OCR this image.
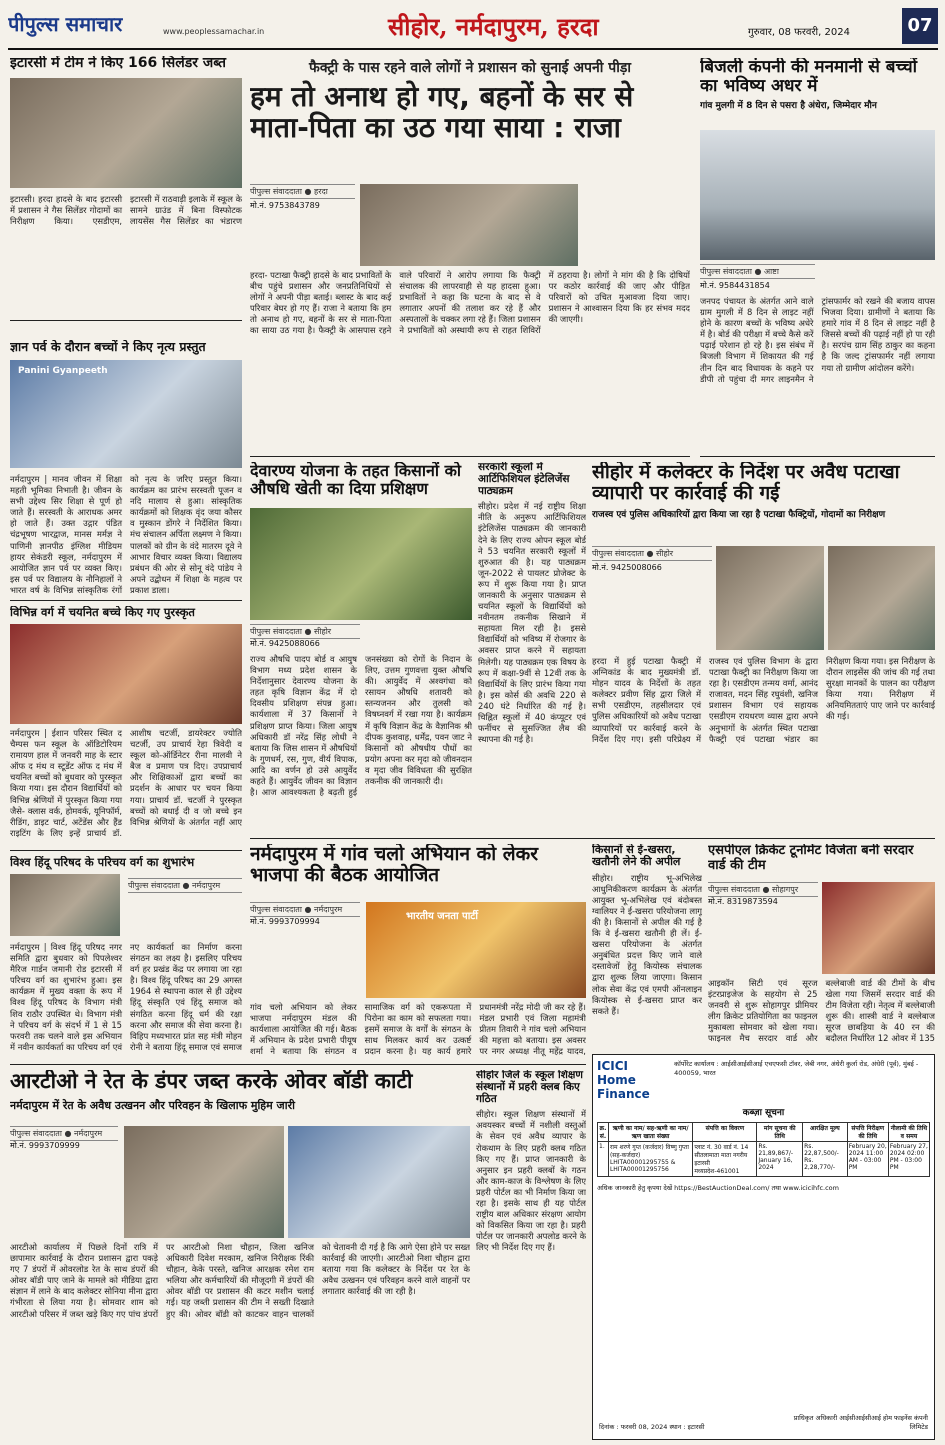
पीपुल्स समाचार	www.peoplessamachar.in	सीहोर, नर्मदापुरम, हरदा	गुरुवार, 08 फरवरी, 2024	07
इटारसी में टीम ने किए 166 सिलेंडर जब्त
इटारसी। हरदा हादसे के बाद इटारसी में प्रशासन ने गैस सिलेंडर गोदामों का निरीक्षण किया। एसडीएम, इटारसी में राठवाड़ी इलाके में स्कूल के सामने ग्राउंड में बिना विस्फोटक लायसेंस गैस सिलेंडर का भंडारण
ज्ञान पर्व के दौरान बच्चों ने किए नृत्य प्रस्तुत
Panini Gyanpeeth
नर्मदापुरम | मानव जीवन में शिक्षा महती भूमिका निभाती है। जीवन के सभी उद्देश्य सिर शिक्षा से पूर्ण हो जाते हैं। सरस्वती के आराधक अमर हो जाते हैं। उक्त उद्गार पंडित चंद्रभूषण भारद्वाज, मानस मर्मज्ञ ने पाणिनी ज्ञानपीठ इंग्लिश मीडियम हायर सेकंडरी स्कूल, नर्मदापुरम में आयोजित ज्ञान पर्व पर व्यक्त किए। इस पर्व पर विद्यालय के नौनिहालों ने भारत वर्ष के विभिन्न सांस्कृतिक रंगों को नृत्य के जरिए प्रस्तुत किया। कार्यक्रम का प्रारंभ सरस्वती पूजन व नदि मालाय से हुआ। सांस्कृतिक कार्यक्रमों को शिक्षक वृंद जया कौसर व मुस्कान डोंगरे ने निर्देशित किया। मंच संचालन अर्पिता लक्ष्मण ने किया। पालकों को ग्रीन के वंदे मातरम दूवे ने आभार विचार व्यक्त किया। विद्यालय प्रबंधन की ओर से सोनू वंदे पांडेय ने अपने उद्बोधन में शिक्षा के महत्व पर प्रकाश डाला।
विभिन्न वर्ग में चयनित बच्चे किए गए पुरस्कृत
नर्मदापुरम | ईशान परिसर स्थित द चैम्पस फन स्कूल के ऑडिटोरियम रामायण हाल में जनवरी माह के स्टार ऑफ द मंथ व स्टूडेंट ऑफ द मंथ में चयनित बच्चों को बुधवार को पुरस्कृत किया गया। इस दौरान विद्यार्थियों को विभिन्न श्रेणियों में पुरस्कृत किया गया जैसे- क्लास वर्क, होमवर्क, यूनिफॉर्म, रीडिंग, डाइट चार्ट, अटेंडेंस और हैंड राइटिंग के लिए इन्हें प्राचार्य डॉ. आशीष चटर्जी, डायरेक्टर ज्योति चटर्जी, उप प्राचार्य रेहा त्रिवेदी व स्कूल को-ऑर्डिनेटर रीना मालवी ने बैज व प्रमाण पत्र दिए। उपप्राचार्य और शिक्षिकाओं द्वारा बच्चों का प्रदर्शन के आधार पर चयन किया गया। प्राचार्य डॉ. चटर्जी ने पुरस्कृत बच्चों को बधाई दी व जो बच्चे इन विभिन्न श्रेणियों के अंतर्गत नहीं आए
विश्व हिंदू परिषद के परिचय वर्ग का शुभारंभ
पीपुल्स संवाददाता ● नर्मदापुरम
नर्मदापुरम | विश्व हिंदू परिषद नगर समिति द्वारा बुधवार को पिपलेश्वर मैरिज गार्डन जमानी रोड इटारसी में परिचय वर्ग का शुभारंभ हुआ। इस कार्यक्रम में मुख्य वक्ता के रूप में विश्व हिंदू परिषद के विभाग मंत्री शिव राठौर उपस्थित थे। विभाग मंत्री ने परिचय वर्ग के संदर्भ में 1 से 15 फरवरी तक चलने वाले इस अभियान में नवीन कार्यकर्ता का परिचय वर्ग एवं नए कार्यकर्ता का निर्माण करना संगठन का लक्ष्य है। इसलिए परिचय वर्ग हर प्रखंड केंद्र पर लगाया जा रहा है। विश्व हिंदू परिषद का 29 अगस्त 1964 से स्थापना काल से ही उद्देश्य हिंदू संस्कृति एवं हिंदू समाज को संगठित करना हिंदू धर्म की रक्षा करना और समाज की सेवा करना है। विहिप मध्यभारत प्रांत सह मंत्री मोहन रोनी ने बताया हिंदू समाज एवं समाज
फैक्ट्री के पास रहने वाले लोगों ने प्रशासन को सुनाई अपनी पीड़ा
हम तो अनाथ हो गए, बहनों के सर से माता-पिता का उठ गया साया : राजा
पीपुल्स संवाददाता ● हरदा
मो.नं. 9753843789
हरदा- पटाखा फैक्ट्री हादसे के बाद प्रभावितों के बीच पहुंचे प्रशासन और जनप्रतिनिधियों से लोगों ने अपनी पीड़ा बताई। ब्लास्ट के बाद कई परिवार बेघर हो गए हैं। राजा ने बताया कि हम तो अनाथ हो गए, बहनों के सर से माता-पिता का साया उठ गया है। फैक्ट्री के आसपास रहने वाले परिवारों ने आरोप लगाया कि फैक्ट्री संचालक की लापरवाही से यह हादसा हुआ। प्रभावितों ने कहा कि घटना के बाद से वे लगातार अपनों की तलाश कर रहे हैं और अस्पतालों के चक्कर लगा रहे हैं। जिला प्रशासन ने प्रभावितों को अस्थायी रूप से राहत शिविरों में ठहराया है। लोगों ने मांग की है कि दोषियों पर कठोर कार्रवाई की जाए और पीड़ित परिवारों को उचित मुआवजा दिया जाए। प्रशासन ने आश्वासन दिया कि हर संभव मदद की जाएगी।
बिजली कंपनी की मनमानी से बच्चों का भविष्य अधर में
गांव मुलगी में 8 दिन से पसरा है अंधेरा, जिम्मेदार मौन
पीपुल्स संवाददाता ● आष्टा
मो.नं. 9584431854
जनपद पंचायत के अंतर्गत आने वाले ग्राम मुगली में 8 दिन से लाइट नहीं होने के कारण बच्चों के भविष्य अधेरे में है। बोर्ड की परीक्षा में बच्चे कैसे करें पढ़ाई परेशान हो रहे है। इस संबंध में बिजली विभाग में शिकायत की गई तीन दिन बाद विधायक के कहने पर डीपी तो पहुंचा दी मगर लाइनमैन ने ट्रांसफार्मर को रखने की बजाय वापस भिजवा दिया। ग्रामीणों ने बताया कि हमारे गांव में 8 दिन से लाइट नहीं है जिससे बच्चों की पढ़ाई नहीं हो पा रही है। सरपंच ग्राम सिंह ठाकुर का कहना है कि जल्द ट्रांसफार्मर नहीं लगाया गया तो ग्रामीण आंदोलन करेंगे।
देवारण्य योजना के तहत किसानों को औषधि खेती का दिया प्रशिक्षण
पीपुल्स संवाददाता ● सीहोर
मो.नं. 9425088066
राज्य औषधि पादप बोर्ड व आयुष विभाग मध्य प्रदेश शासन के निर्देशानुसार देवारण्य योजना के तहत कृषि विज्ञान केंद्र में दो दिवसीय प्रशिक्षण संपन्न हुआ। कार्यशाला में 37 किसानों ने प्रशिक्षण प्राप्त किया। जिला आयुष अधिकारी डॉ नरेंद्र सिंह लोधी ने बताया कि जिस शासन में औषधियों के गुणधर्म, रस, गुण, वीर्य विपाक, आदि का वर्णन हो उसे आयुर्वेद कहते हैं। आयुर्वेद जीवन का विज्ञान है। आज आवश्यकता है बढ़ती हुई जनसंख्या को रोगों के निदान के लिए, उत्तम गुणवत्ता युक्त औषधि की। आयुर्वेद में अश्वगंधा को रसायन औषधि शतावरी को स्तन्यजनन और तुलसी को विषघ्नवर्ग में रखा गया है। कार्यक्रम में कृषि विज्ञान केंद्र के वैज्ञानिक श्री दीपक कुशवाह, धर्मेंद्र, पवन जाट ने किसानों को औषधीय पौधों का प्रयोग अपना कर मृदा को जीवनदान व मृदा जीव विविधता की सुरक्षित तकनीक की जानकारी दी।
सरकारी स्कूलों में आर्टिफिशियल इंटेलिजेंस पाठ्यक्रम
सीहोर। प्रदेश में नई राष्ट्रीय शिक्षा नीति के अनुरूप आर्टिफिशियल इंटेलिजेंस पाठ्यक्रम की जानकारी देने के लिए राज्य ओपन स्कूल बोर्ड ने 53 चयनित सरकारी स्कूलों में शुरुआत की है। यह पाठ्यक्रम जून-2022 से पायलट प्रोजेक्ट के रूप में शुरू किया गया है। प्राप्त जानकारी के अनुसार पाठ्यक्रम से चयनित स्कूलों के विद्यार्थियों को नवीनतम तकनीक सिखाने में सहायता मिल रही है। इससे विद्यार्थियों को भविष्य में रोजगार के अवसर प्राप्त करने में सहायता मिलेगी। यह पाठ्यक्रम एक विषय के रूप में कक्षा-9वीं से 12वीं तक के विद्यार्थियों के लिए प्रारंभ किया गया है। इस कोर्स की अवधि 220 से 240 घंटे निर्धारित की गई है। चिह्नित स्कूलों में 40 कंप्यूटर एवं फर्नीचर से सुसज्जित लैब की स्थापना की गई है।
सीहोर में कलेक्टर के निर्देश पर अवैध पटाखा व्यापारी पर कार्रवाई की गई
राजस्व एवं पुलिस अधिकारियों द्वारा किया जा रहा है पटाखा फैक्ट्रियों, गोदामों का निरीक्षण
पीपुल्स संवाददाता ● सीहोर
मो.नं. 9425008066
हरदा में हुई पटाखा फैक्ट्री में अग्निकांड के बाद मुख्यमंत्री डॉ. मोहन यादव के निर्देशों के तहत कलेक्टर प्रवीण सिंह द्वारा जिले में सभी एसडीएम, तहसीलदार एवं पुलिस अधिकारियों को अवैध पटाखा व्यापारियों पर कार्रवाई करने के निर्देश दिए गए। इसी परिप्रेक्ष्य में राजस्व एवं पुलिस विभाग के द्वारा पटाखा फैक्ट्री का निरीक्षण किया जा रहा है। एसडीएम तन्मय वर्मा, आनंद राजावत, मदन सिंह रघुवंशी, खनिज प्रशासन विभाग एवं सहायक एसडीएम रायधरण व्यास द्वारा अपने अनुभागों के अंतर्गत स्थित पटाखा फैक्ट्री एवं पटाखा भंडार का निरीक्षण किया गया। इस निरीक्षण के दौरान लाइसेंस की जांच की गई तथा सुरक्षा मानकों के पालन का परीक्षण किया गया। निरीक्षण में अनियमितताएं पाए जाने पर कार्रवाई की गई।
नर्मदापुरम में गांव चलो अभियान को लेकर भाजपा की बैठक आयोजित
पीपुल्स संवाददाता ● नर्मदापुरम
मो.नं. 9993709994	भारतीय जनता पार्टी
गांव चलो अभियान को लेकर भाजपा नर्मदापुरम मंडल की कार्यशाला आयोजित की गई। बैठक में अभियान के प्रदेश प्रभारी पीयूष शर्मा ने बताया कि संगठन व सामाजिक वर्ग को एकरूपता में पिरोना का काम को सफलता गया। इसमें समाज के वर्गों के संगठन के साथ मिलकर कार्य कर उत्कर्ष्ट प्रदान करना है। यह कार्य हमारे प्रधानमंत्री नरेंद्र मोदी जी कर रहे हैं। मंडल प्रभारी एवं जिला महामंत्री प्रीतम तिवारी ने गांव चलो अभियान की महत्ता को बताया। इस अवसर पर नगर अध्यक्ष नीतू महेंद्र यादव,
किसानों से ई-खसरा, खतौनी लेने की अपील
सीहोर। राष्ट्रीय भू-अभिलेख आधुनिकीकरण कार्यक्रम के अंतर्गत आयुक्त भू-अभिलेख एवं बंदोबस्त ग्वालियर ने ई-खसरा परियोजना लागू की है। किसानों से अपील की गई है कि वे ई-खसरा खतौनी ही लें। ई-खसरा परियोजना के अंतर्गत अनुबंधित प्रदत्त किए जाने वाले दस्तावेजों हेतु कियोस्क संचालक द्वारा शुल्क लिया जाएगा। किसान लोक सेवा केंद्र एवं एमपी ऑनलाइन कियोस्क से ई-खसरा प्राप्त कर सकते हैं।
एसपीएल क्रिकेट टूर्नामेंट विजेता बनी सरदार वार्ड की टीम
पीपुल्स संवाददाता ● सोहागपुर
मो.नं. 8319873594
आइकॉन सिटी एवं सूरज इंटरप्राइजेज के सहयोग से 25 जनवरी से शुरू सोहागपुर प्रीमियर लीग क्रिकेट प्रतियोगिता का फाइनल मुकाबला सोमवार को खेला गया। फाइनल मैच सरदार वार्ड और बल्लेबाजी वार्ड की टीमों के बीच खेला गया जिसमें सरदार वार्ड की टीम विजेता रही। नेतृत्व में बल्लेबाजी शुरू की। शास्त्री वार्ड ने बल्लेबाज सूरज छाबड़िया के 40 रन की बदौलत निर्धारित 12 ओवर में 135
आरटीओ ने रेत के डंपर जब्त करके ओवर बॉडी काटी
नर्मदापुरम में रेत के अवैध उत्खनन और परिवहन के खिलाफ मुहिम जारी
पीपुल्स संवाददाता ● नर्मदापुरम
मो.नं. 9993709999
आरटीओ कार्यालय में पिछले दिनों रात्रि में छापामार कार्रवाई के दौरान प्रशासन द्वारा पकड़े गए 7 डंपरों में ओवरलोड रेत के साथ डंपरों की ओवर बॉडी पाए जाने के मामले को मीडिया द्वारा संज्ञान में लाने के बाद कलेक्टर सोनिया मीना द्वारा गंभीरता से लिया गया है। सोमवार शाम को आरटीओ परिसर में जब्त खड़े किए गए पांच डंपरों पर आरटीओ निशा चौहान, जिला खनिज अधिकारी दिवेश मरकाम, खनिज निरीक्षक रिंकी चौहान, केके परस्ते, खनिज आरक्षक रमेश राम भलिया और कर्मचारियों की मौजूदगी में डंपरों की ओवर बॉडी पर प्रशासन की कटर मशीन चलाई गई। यह जब्ती प्रशासन की टीम ने सख्ती दिखाते हुए की। ओवर बॉडी को काटकर वाहन चालकों को चेतावनी दी गई है कि आगे ऐसा होने पर सख्त कार्रवाई की जाएगी। आरटीओ निशा चौहान द्वारा बताया गया कि कलेक्टर के निर्देश पर रेत के अवैध उत्खनन एवं परिवहन करने वाले वाहनों पर लगातार कार्रवाई की जा रही है।
सीहोर जिले के स्कूल शिक्षण संस्थानों में प्रहरी क्लब किए गठित
सीहोर। स्कूल शिक्षण संस्थानों में अवयस्कर बच्चों में नशीली वस्तुओं के सेवन एवं अवैध व्यापार के रोकथाम के लिए प्रहरी क्लब गठित किए गए हैं। प्राप्त जानकारी के अनुसार इन प्रहरी क्लबों के गठन और काम-काज के विश्लेषण के लिए प्रहरी पोर्टल का भी निर्माण किया जा रहा है। इसके साथ ही यह पोर्टल राष्ट्रीय बाल अधिकार संरक्षण आयोग को विकसित किया जा रहा है। प्रहरी पोर्टल पर जानकारी अपलोड करने के लिए भी निर्देश दिए गए हैं।
ICICI Home Finance
कॉर्पोरेट कार्यालय : आईसीआईसीआई एचएफसी टॉवर, जेबी नगर, अंधेरी कुर्ला रोड, अंधेरी (पूर्व), मुंबई - 400059, भारत
कब्ज़ा सूचना
क्र. सं.	ऋणी का नाम/ सह-ऋणी का नाम/ ऋण खाता संख्या	संपत्ति का विवरण	मांग सूचना की तिथि	आरक्षित मूल्य	संपत्ति निरीक्षण की तिथि	नीलामी की तिथि व समय
1.	राम शरणे गुप्त (कर्जदार) विष्णु गुप्ता (सह-कर्जदार) LHITA00001295755 & LHITA00001295756	प्लाट नं. 30 वार्ड नं. 14 सीतलामाता माता नगरीय इटारसी मध्यप्रदेश-461001	Rs. 21,89,867/- January 16, 2024	Rs. 22,87,500/- Rs. 2,28,770/-	February 20, 2024 11:00 AM - 03:00 PM	February 27, 2024 02:00 PM - 03:00 PM
अधिक जानकारी हेतु कृपया देखें https://BestAuctionDeal.com/ तथा www.icicihfc.com
दिनांक : फरवरी 08, 2024 स्थान : इटारसी
प्राधिकृत अधिकारी आईसीआईसीआई होम फाइनेंस कंपनी लिमिटेड
